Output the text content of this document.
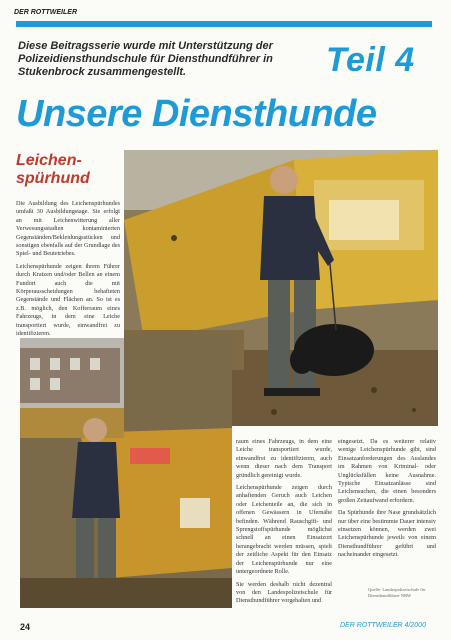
DER ROTTWEILER
Diese Beitragsserie wurde mit Unterstützung der Polizeidiensthundschule für Diensthundführer in Stukenbrock zusammengestellt.	Teil 4
Unsere Diensthunde
Leichen-spürhund

Die Ausbildung des Leichenspürhundes umfaßt 30 Ausbildungstage. Sie erfolgt an mit Leichenwitterung aller Verwesungsstadien kontaminierten Gegenständen/Bekleidungsstücken und sonstigen ebenfalls auf der Grundlage des Spiel- und Beutetriebes.

Leichenspürhunde zeigen ihrem Führer durch Kratzen und/oder Bellen an einem Fundort auch die mit Körperausscheidungen behafteten Gegenstände und Flächen an. So ist es z.B. möglich, den Kofferraum eines Fahrzeugs, in dem eine Leiche transportiert wurde, einwandfrei zu identifizieren.

raum eines Fahrzeugs, in dem eine Leiche transportiert wurde, einwandfrei zu identifizieren, auch wenn dieser nach dem Transport gründlich gereinigt wurde.

Leichenspürhunde zeigen durch anhaftenden Geruch auch Leichen oder Leichenteile an, die sich in offenen Gewässern in Ufernähe befinden. Während Rauschgift- und Sprengstoffspürhunde möglichst schnell an einen Einsatzort herangebracht werden müssen, spielt der zeitliche Aspekt für den Einsatz der Leichenspürhunde nur eine untergeordnete Rolle.

Sie werden deshalb nicht dezentral von den Landespolizeischule für Diensthundführer vorgehalten und

eingesetzt. Da es weiterer relativ wenige Leichenspürhunde gibt, sind Einsatzanforderungen des Auslandes im Rahmen von Kriminal- oder Unglücksfällen keine Ausnahme. Typische Einsatzanlässe sind Leichensuchen, die einen besonders großen Zeitaufwand erfordern.

Da Spürhunde ihre Nase grundsätzlich nur über eine bestimmte Dauer intensiv einsetzen können, werden zwei Leichenspürhunde jeweils von einem Diensthundführer geführt und nacheinander eingesetzt.

Quelle: Landespolizeischule für Diensthundführer NRW
24	DER ROTTWEILER 4/2000
